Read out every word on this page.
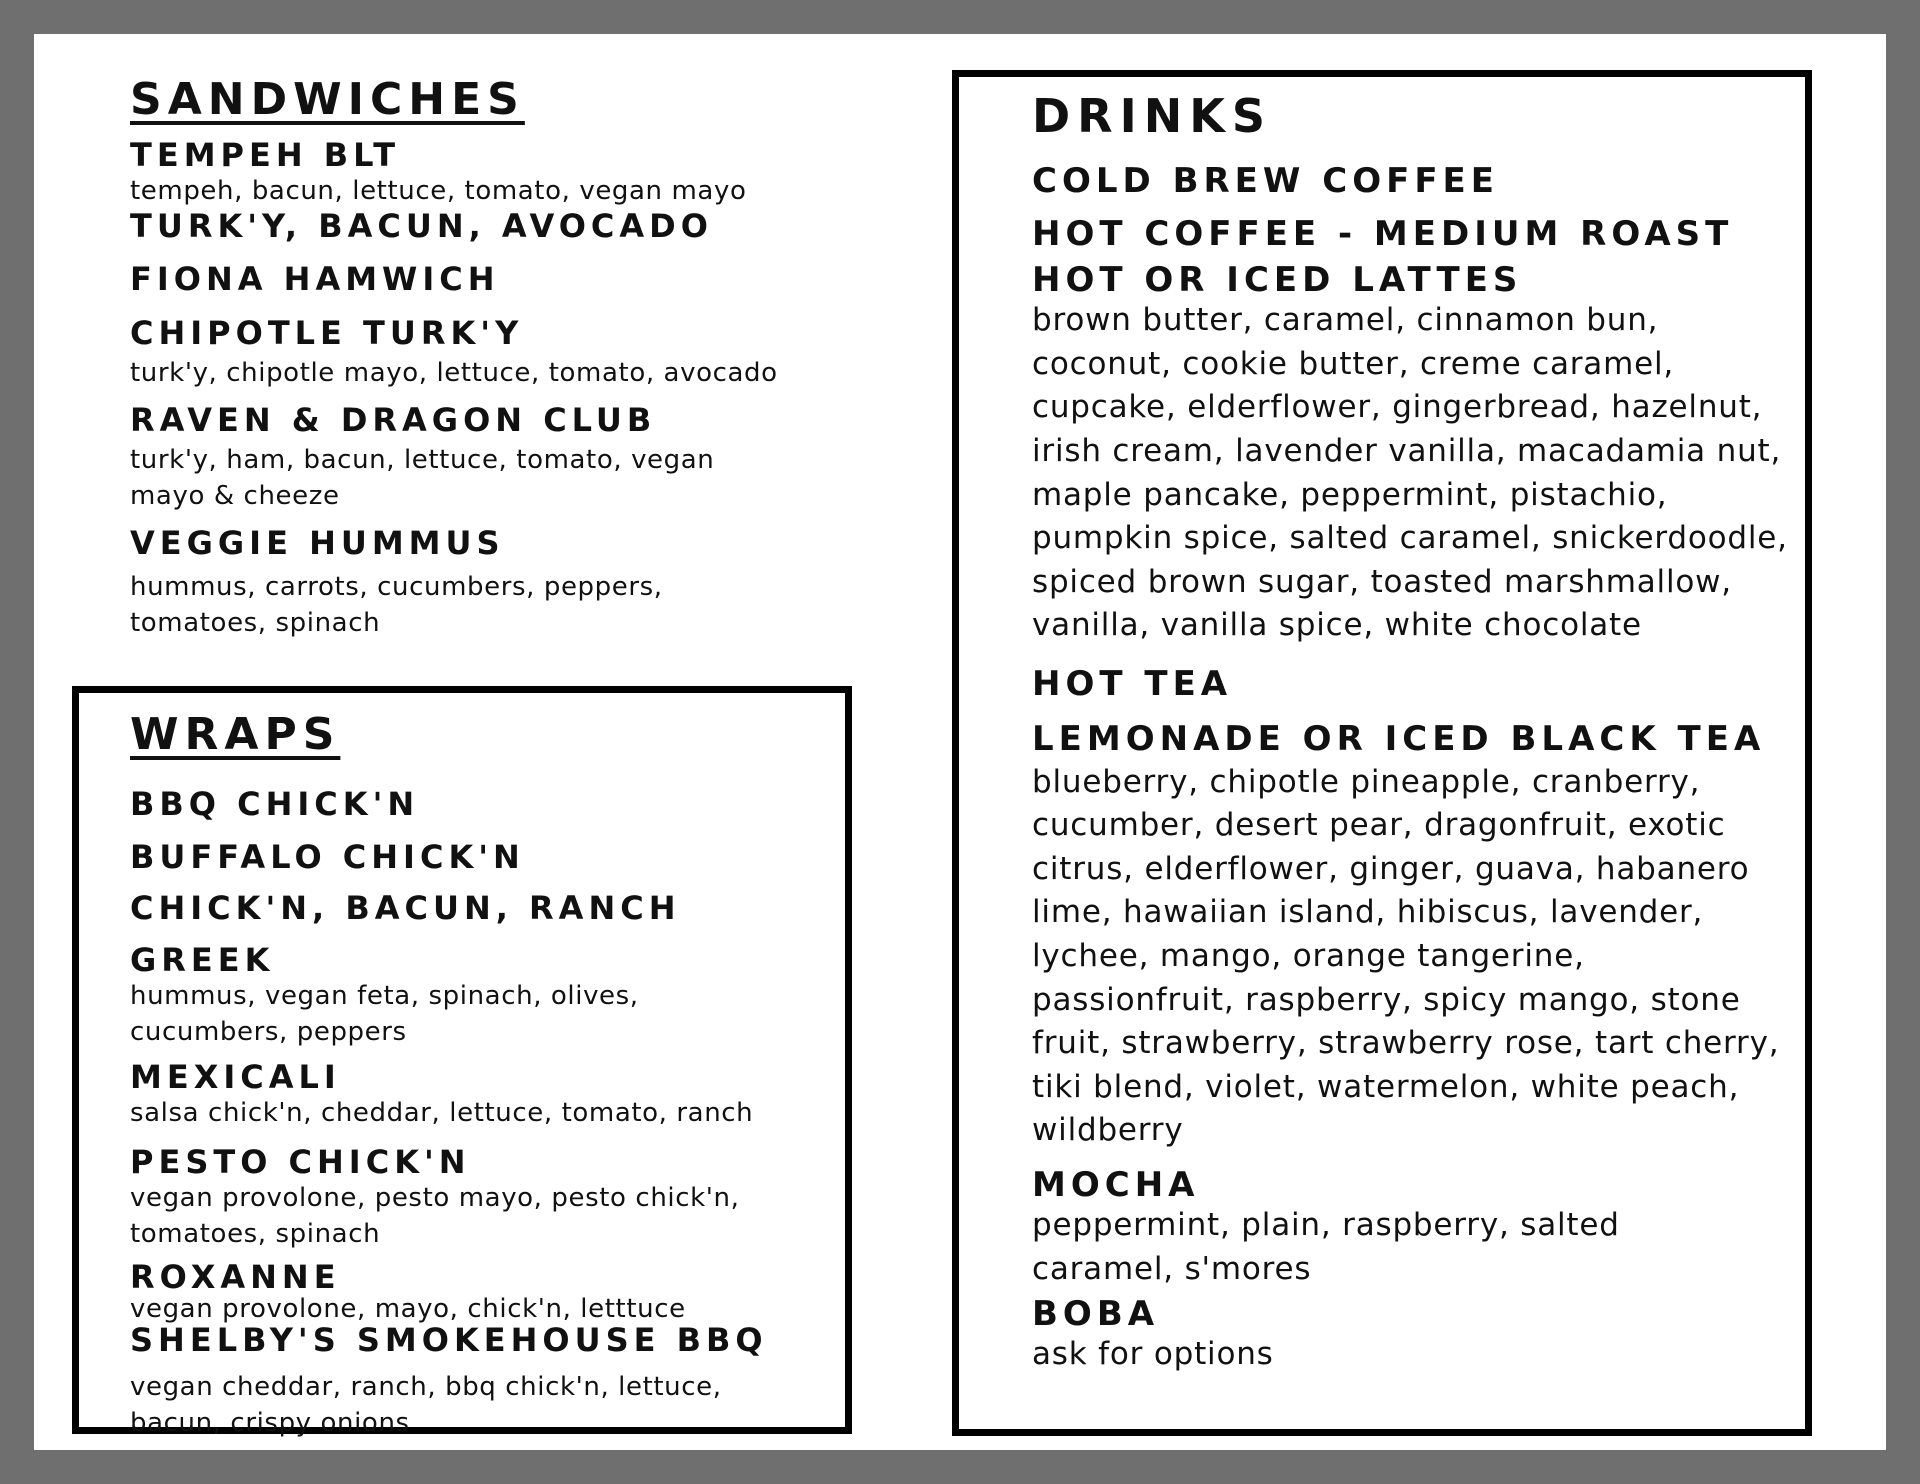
SANDWICHES
TEMPEH BLT
tempeh, bacun, lettuce, tomato, vegan mayo
TURK'Y, BACUN, AVOCADO
FIONA HAMWICH
CHIPOTLE TURK'Y
turk'y, chipotle mayo, lettuce, tomato, avocado
RAVEN & DRAGON CLUB
turk'y, ham, bacun, lettuce, tomato, vegan mayo & cheeze
VEGGIE HUMMUS
hummus, carrots, cucumbers, peppers, tomatoes, spinach
WRAPS
BBQ CHICK'N
BUFFALO CHICK'N
CHICK'N, BACUN, RANCH
GREEK
hummus, vegan feta, spinach, olives, cucumbers, peppers
MEXICALI
salsa chick'n, cheddar, lettuce, tomato, ranch
PESTO CHICK'N
vegan provolone, pesto mayo, pesto chick'n, tomatoes, spinach
ROXANNE
vegan provolone, mayo, chick'n, letttuce
SHELBY'S SMOKEHOUSE BBQ
vegan cheddar, ranch, bbq chick'n, lettuce, bacun, crispy onions
DRINKS
COLD BREW COFFEE
HOT COFFEE - MEDIUM ROAST
HOT OR ICED LATTES
brown butter, caramel, cinnamon bun, coconut, cookie butter, creme caramel, cupcake, elderflower, gingerbread, hazelnut, irish cream, lavender vanilla, macadamia nut, maple pancake, peppermint, pistachio, pumpkin spice, salted caramel, snickerdoodle, spiced brown sugar, toasted marshmallow, vanilla, vanilla spice, white chocolate
HOT TEA
LEMONADE OR ICED BLACK TEA
blueberry, chipotle pineapple, cranberry, cucumber, desert pear, dragonfruit, exotic citrus, elderflower, ginger, guava, habanero lime, hawaiian island, hibiscus, lavender, lychee, mango, orange tangerine, passionfruit, raspberry, spicy mango, stone fruit, strawberry, strawberry rose, tart cherry, tiki blend, violet, watermelon, white peach, wildberry
MOCHA
peppermint, plain, raspberry, salted caramel, s'mores
BOBA
ask for options
